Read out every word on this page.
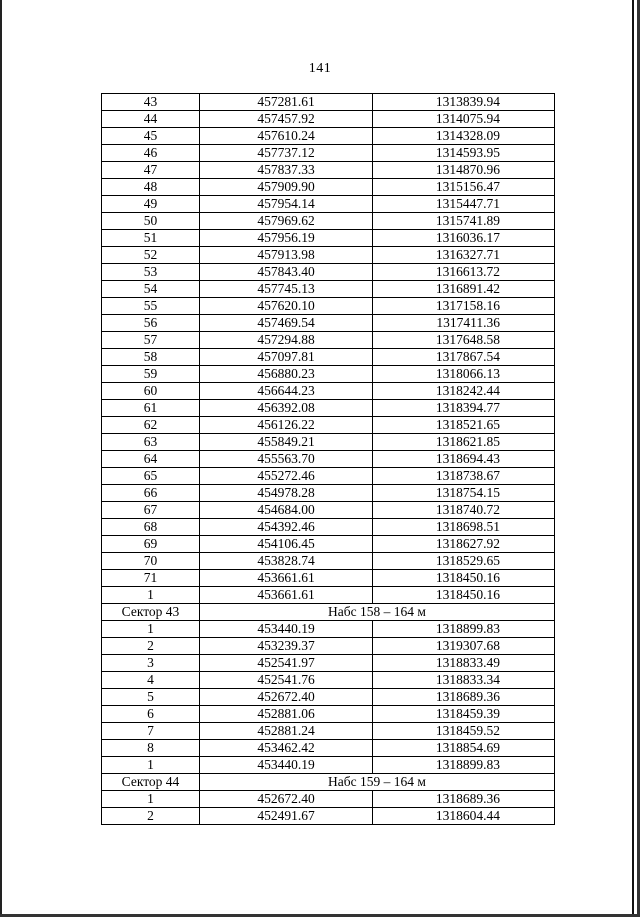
141
43	457281.61	1313839.94
44	457457.92	1314075.94
45	457610.24	1314328.09
46	457737.12	1314593.95
47	457837.33	1314870.96
48	457909.90	1315156.47
49	457954.14	1315447.71
50	457969.62	1315741.89
51	457956.19	1316036.17
52	457913.98	1316327.71
53	457843.40	1316613.72
54	457745.13	1316891.42
55	457620.10	1317158.16
56	457469.54	1317411.36
57	457294.88	1317648.58
58	457097.81	1317867.54
59	456880.23	1318066.13
60	456644.23	1318242.44
61	456392.08	1318394.77
62	456126.22	1318521.65
63	455849.21	1318621.85
64	455563.70	1318694.43
65	455272.46	1318738.67
66	454978.28	1318754.15
67	454684.00	1318740.72
68	454392.46	1318698.51
69	454106.45	1318627.92
70	453828.74	1318529.65
71	453661.61	1318450.16
1	453661.61	1318450.16
Сектор 43	Набс 158 – 164 м	
1	453440.19	1318899.83
2	453239.37	1319307.68
3	452541.97	1318833.49
4	452541.76	1318833.34
5	452672.40	1318689.36
6	452881.06	1318459.39
7	452881.24	1318459.52
8	453462.42	1318854.69
1	453440.19	1318899.83
Сектор 44	Набс 159 – 164 м	
1	452672.40	1318689.36
2	452491.67	1318604.44
